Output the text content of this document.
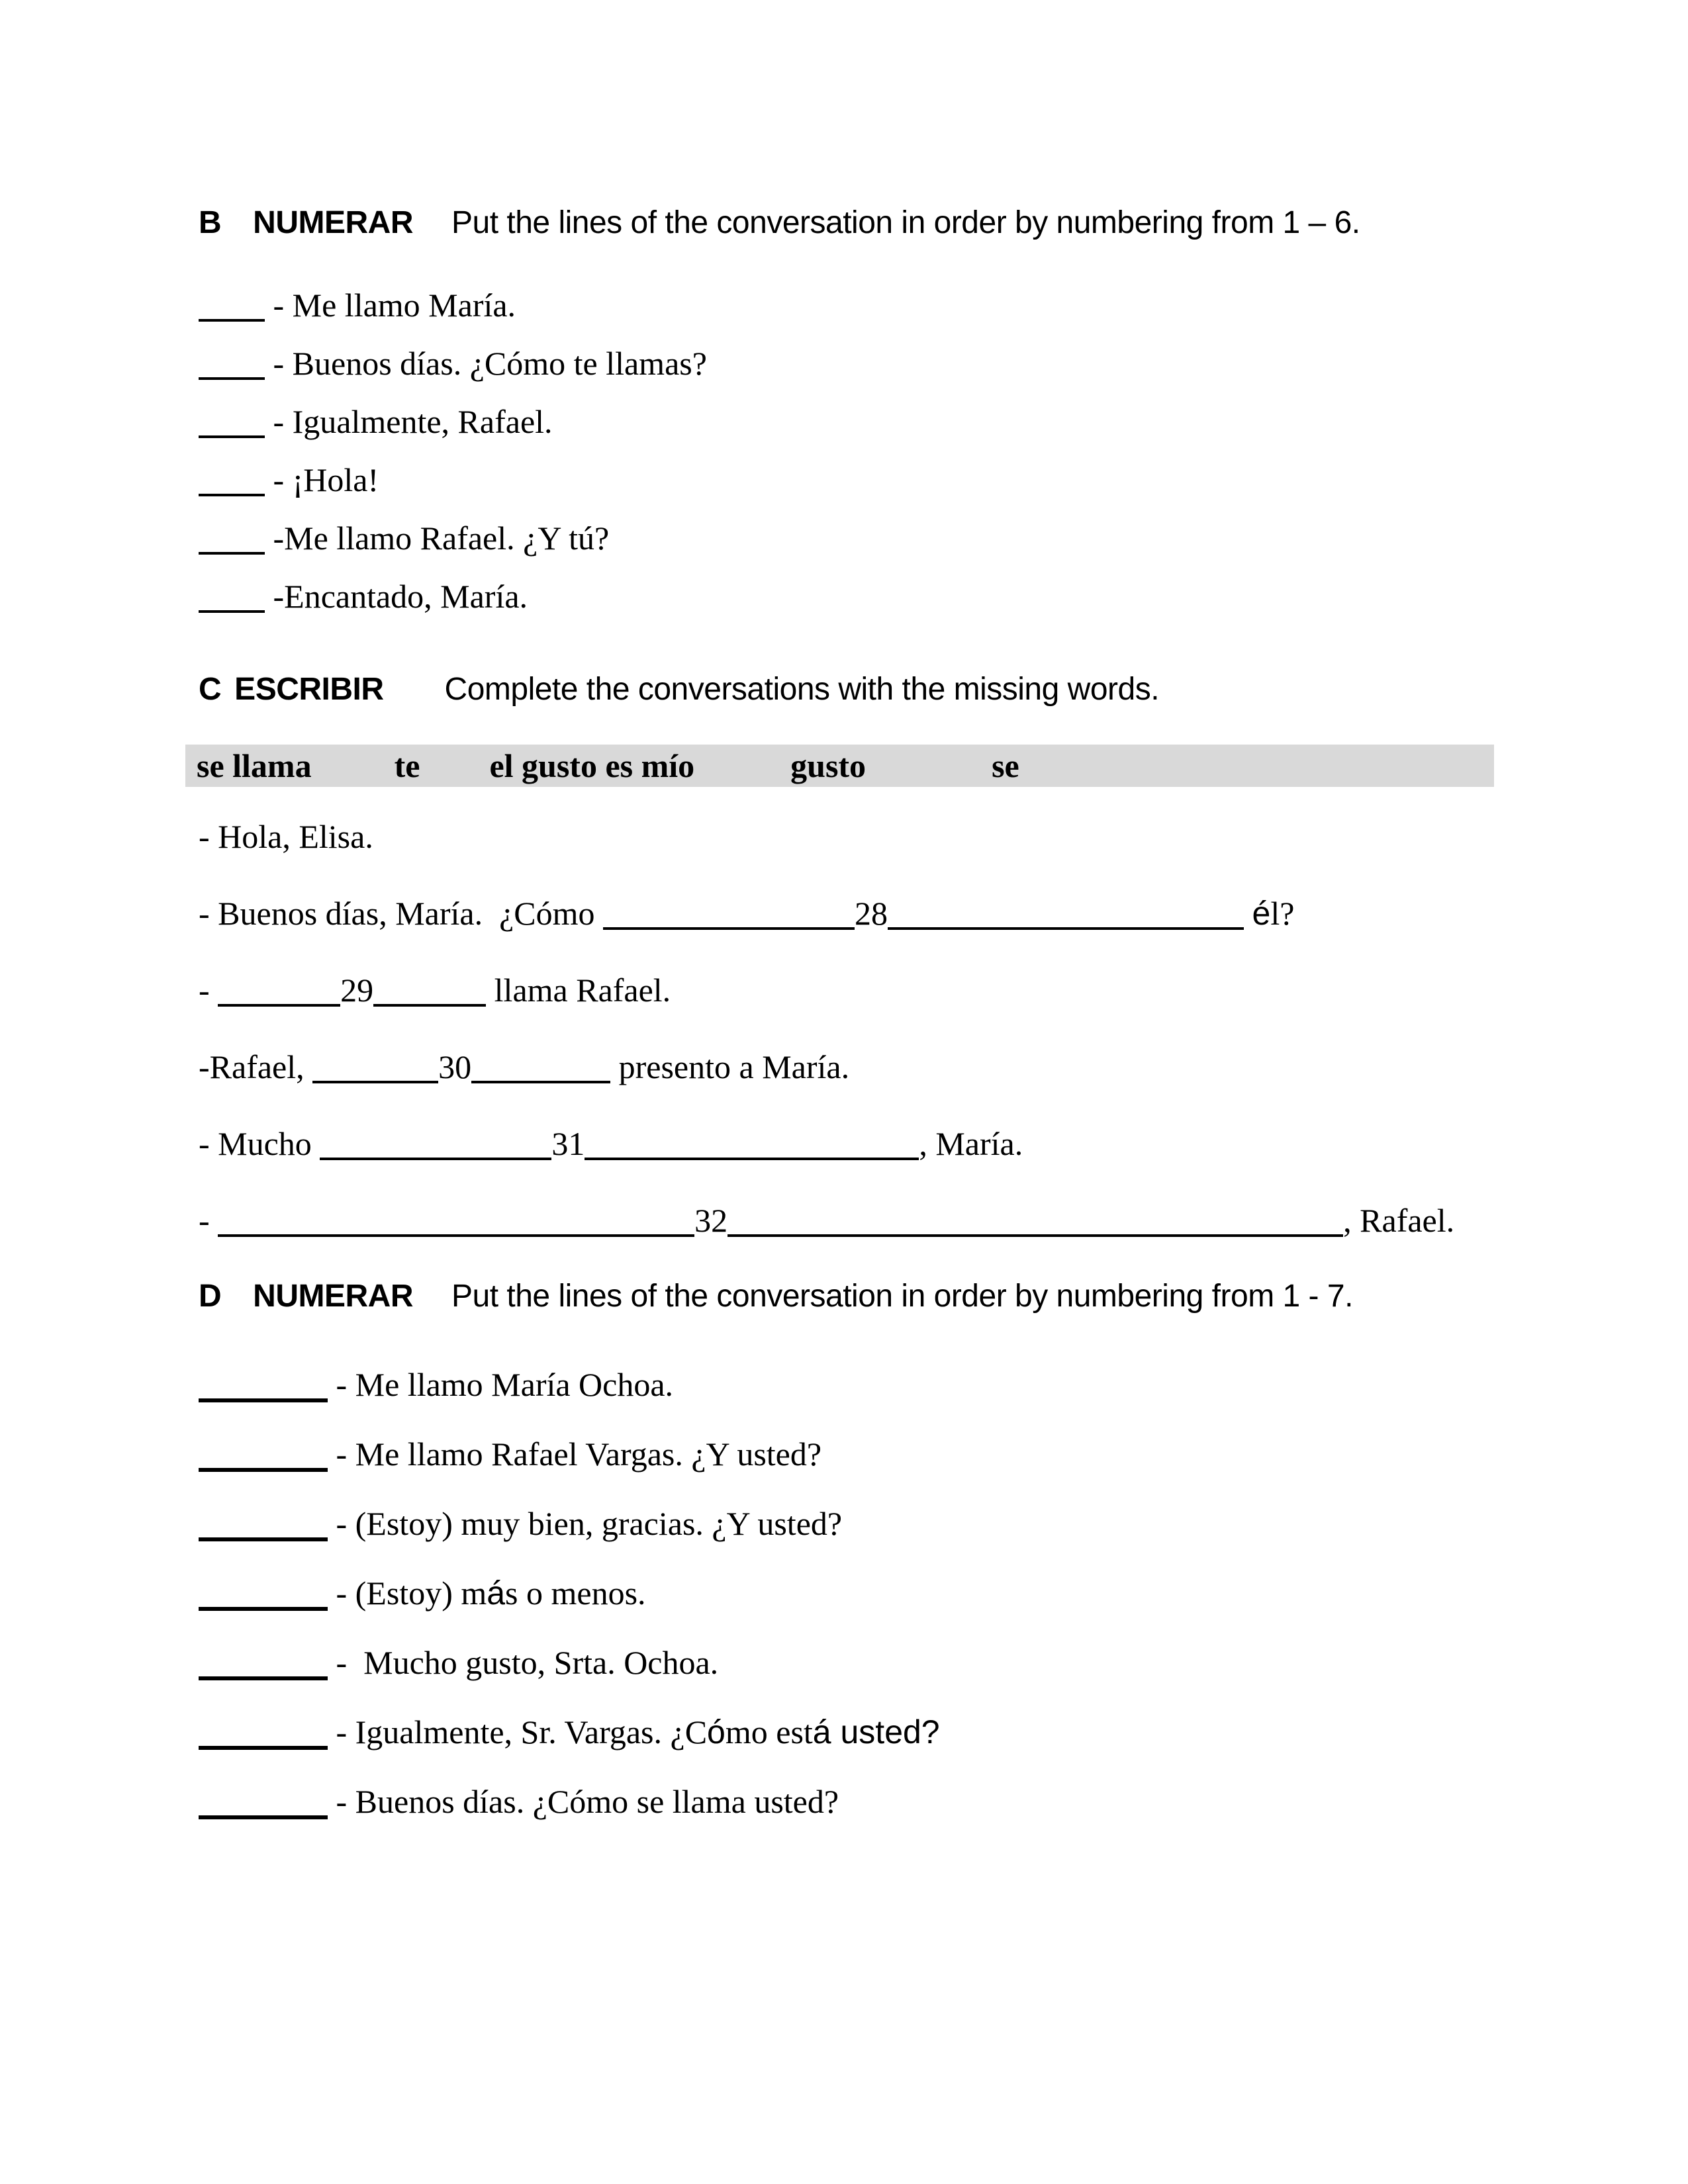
B NUMERAR Put the lines of the conversation in order by numbering from 1 – 6.
- Me llamo María.
- Buenos días. ¿Cómo te llamas?
- Igualmente, Rafael.
- ¡Hola!
-Me llamo Rafael. ¿Y tú?
-Encantado, María.
C ESCRIBIR Complete the conversations with the missing words.
se llama	te el gusto es mío	gusto	se
- Hola, Elisa.
- Buenos días, María.  ¿Cómo	28	él?
-	29	llama Rafael.
-Rafael,	30	presento a María.
- Mucho	31	, María.
-	32	, Rafael.
D NUMERAR Put the lines of the conversation in order by numbering from 1 - 7.
- Me llamo María Ochoa.
- Me llamo Rafael Vargas. ¿Y usted?
- (Estoy) muy bien, gracias. ¿Y usted?
- (Estoy) más o menos.
-  Mucho gusto, Srta. Ochoa.
- Igualmente, Sr. Vargas. ¿Cómo está usted?
- Buenos días. ¿Cómo se llama usted?
